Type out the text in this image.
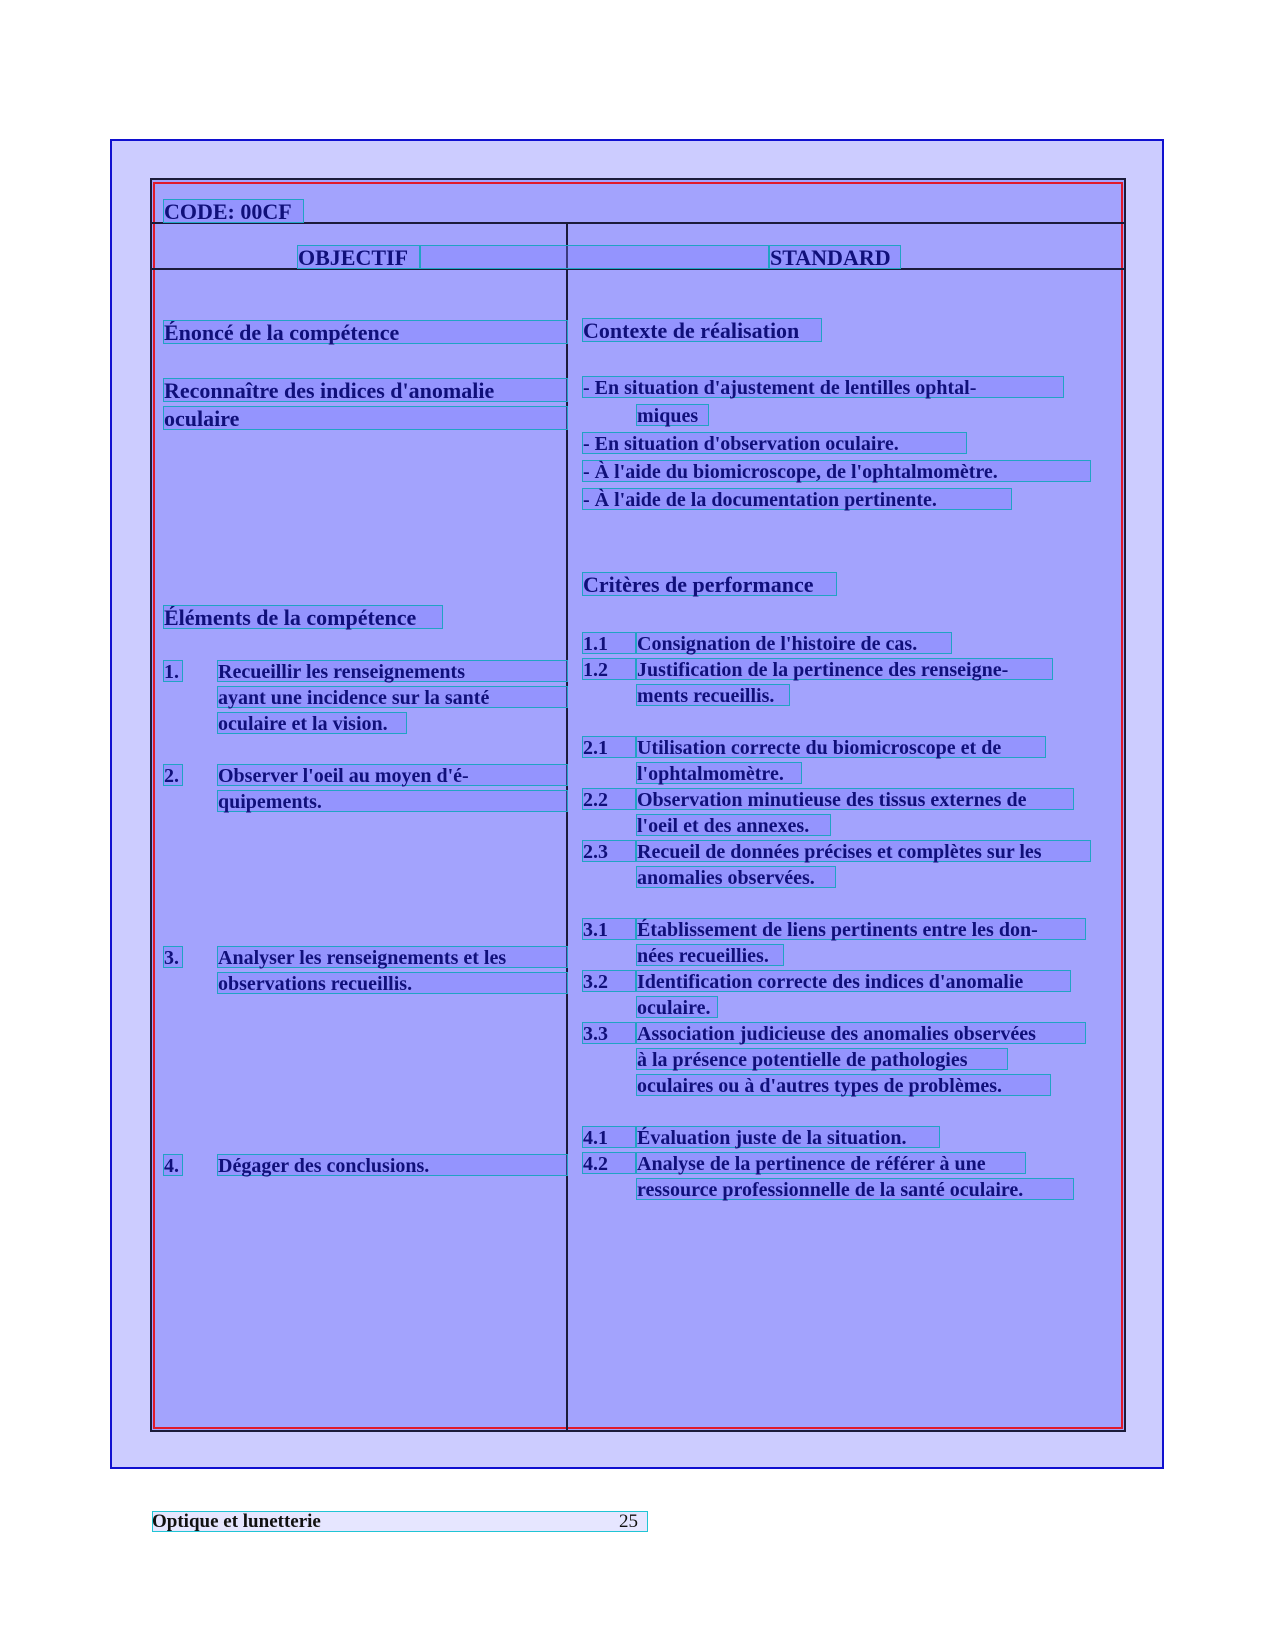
CODE: 00CF
OBJECTIF	STANDARD
Énoncé de la compétence
Reconnaître des indices d'anomalie
oculaire
Éléments de la compétence
1. Recueillir les renseignements
ayant une incidence sur la santé
oculaire et la vision.
2. Observer l'oeil au moyen d'é-
quipements.
3. Analyser les renseignements et les
observations recueillis.
4. Dégager des conclusions.
Contexte de réalisation
- En situation d'ajustement de lentilles ophtal-
miques
- En situation d'observation oculaire.
- À l'aide du biomicroscope, de l'ophtalmomètre.
- À l'aide de la documentation pertinente.
Critères de performance
1.1	Consignation de l'histoire de cas.
1.2	Justification de la pertinence des renseigne-
ments recueillis.
2.1	Utilisation correcte du biomicroscope et de
l'ophtalmomètre.
2.2	Observation minutieuse des tissus externes de
l'oeil et des annexes.
2.3	Recueil de données précises et complètes sur les
anomalies observées.
3.1	Établissement de liens pertinents entre les don-
nées recueillies.
3.2	Identification correcte des indices d'anomalie
oculaire.
3.3	Association judicieuse des anomalies observées
à la présence potentielle de pathologies
oculaires ou à d'autres types de problèmes.
4.1	Évaluation juste de la situation.
4.2	Analyse de la pertinence de référer à une
ressource professionnelle de la santé oculaire.
Optique et lunetterie	25
